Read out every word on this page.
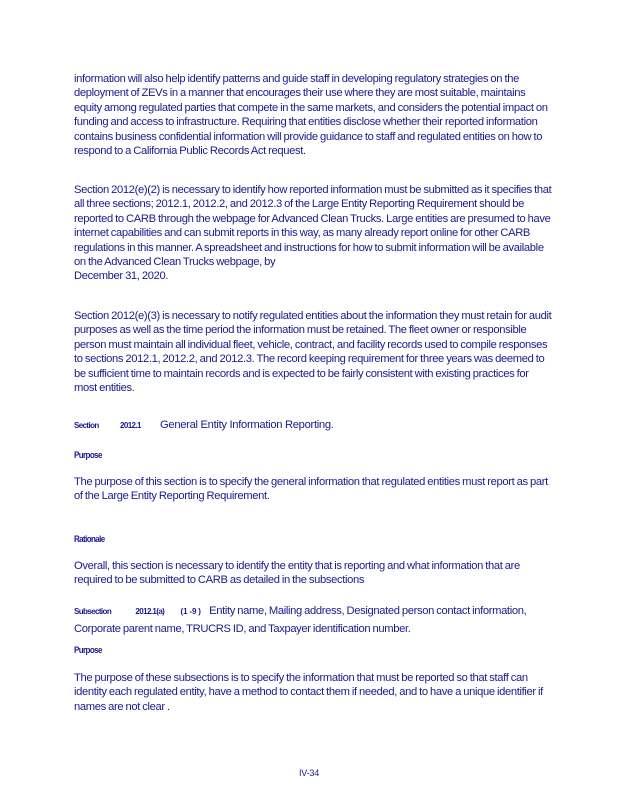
information will also help identify patterns and guide staff in developing regulatory strategies on the deployment of ZEVs in a manner that encourages their use where they are most suitable, maintains equity among regulated parties that compete in the same markets, and considers the potential impact on funding and access to infrastructure. Requiring that entities disclose whether their reported information contains business confidential information will provide guidance to staff and regulated entities on how to respond to a California Public Records Act request.

Section 2012(e)(2) is necessary to identify how reported information must be submitted as it specifies that all three sections; 2012.1, 2012.2, and 2012.3 of the Large Entity Reporting Requirement should be reported to CARB through the webpage for Advanced Clean Trucks. Large entities are presumed to have internet capabilities and can submit reports in this way, as many already report online for other CARB regulations in this manner. A spreadsheet and instructions for how to submit information will be available on the Advanced Clean Trucks webpage, by
December 31, 2020.

Section 2012(e)(3) is necessary to notify regulated entities about the information they must retain for audit purposes as well as the time period the information must be retained. The fleet owner or responsible person must maintain all individual fleet, vehicle, contract, and facility records used to compile responses to sections 2012.1, 2012.2, and 2012.3. The record keeping requirement for three years was deemed to be sufficient time to maintain records and is expected to be fairly consistent with existing practices for most entities.

Section	2012.1 General Entity Information Reporting.
Purpose

The purpose of this section is to specify the general information that regulated entities must report as part of the Large Entity Reporting Requirement.

Rationale

Overall, this section is necessary to identify the entity that is reporting and what information that are required to be submitted to CARB as detailed in the subsections

Subsection	2012.1(a) (1 -9 ) Entity name, Mailing address, Designated person contact information, Corporate parent name, TRUCRS ID, and Taxpayer identification number.
Purpose

The purpose of these subsections is to specify the information that must be reported so that staff can identity each regulated entity, have a method to contact them if needed, and to have a unique identifier if names are not clear .

IV-34
